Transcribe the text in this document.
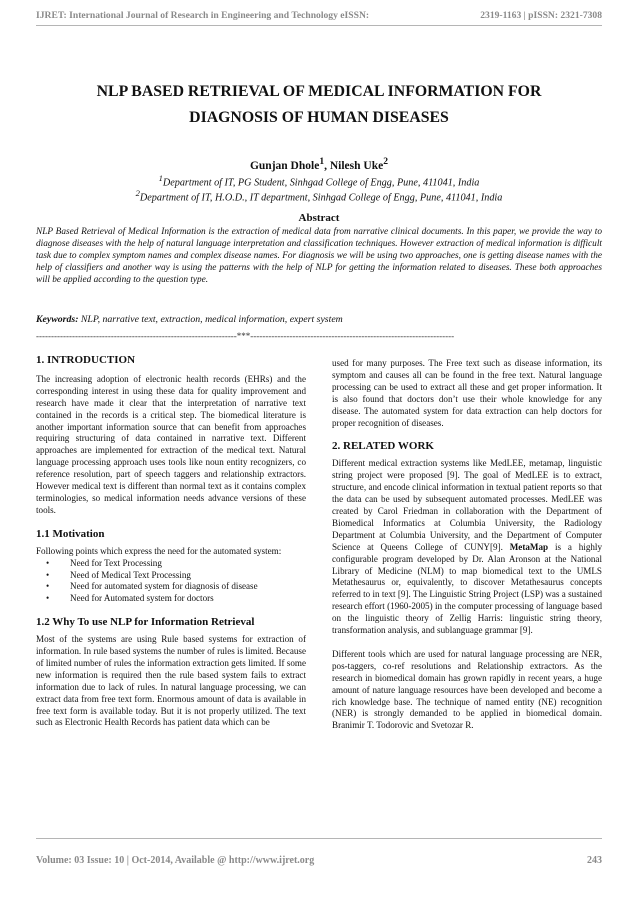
IJRET: International Journal of Research in Engineering and Technology eISSN:	2319-1163 | pISSN: 2321-7308
NLP BASED RETRIEVAL OF MEDICAL INFORMATION FOR
DIAGNOSIS OF HUMAN DISEASES
Gunjan Dhole$^1$, Nilesh Uke$^2$
$^1$Department of IT, PG Student, Sinhgad College of Engg, Pune, 411041, India
$^2$Department of IT, H.O.D., IT department, Sinhgad College of Engg, Pune, 411041, India
Abstract
NLP Based Retrieval of Medical Information is the extraction of medical data from narrative clinical documents. In this paper, we provide the way to diagnose diseases with the help of natural language interpretation and classification techniques. However extraction of medical information is difficult task due to complex symptom names and complex disease names. For diagnosis we will be using two approaches, one is getting disease names with the help of classifiers and another way is using the patterns with the help of NLP for getting the information related to diseases. These both approaches will be applied according to the question type.
Keywords: NLP, narrative text, extraction, medical information, expert system
-------------------------------------------------------------------***--------------------------------------------------------------------
1. INTRODUCTION

The increasing adoption of electronic health records (EHRs) and the corresponding interest in using these data for quality improvement and research have made it clear that the interpretation of narrative text contained in the records is a critical step. The biomedical literature is another important information source that can benefit from approaches requiring structuring of data contained in narrative text. Different approaches are implemented for extraction of the medical text. Natural language processing approach uses tools like noun entity recognizers, co reference resolution, part of speech taggers and relationship extractors. However medical text is different than normal text as it contains complex terminologies, so medical information needs advance versions of these tools.

1.1 Motivation

Following points which express the need for the automated system:

• Need for Text Processing
• Need of Medical Text Processing
• Need for automated system for diagnosis of disease
• Need for Automated system for doctors
1.2 Why To use NLP for Information Retrieval

Most of the systems are using Rule based systems for extraction of information. In rule based systems the number of rules is limited. Because of limited number of rules the information extraction gets limited. If some new information is required then the rule based system fails to extract information due to lack of rules. In natural language processing, we can extract data from free text form. Enormous amount of data is available in free text form is available today. But it is not properly utilized. The text such as Electronic Health Records has patient data which can be

used for many purposes. The Free text such as disease information, its symptom and causes all can be found in the free text. Natural language processing can be used to extract all these and get proper information. It is also found that doctors don’t use their whole knowledge for any disease. The automated system for data extraction can help doctors for proper recognition of diseases.

2. RELATED WORK

Different medical extraction systems like MedLEE, metamap, linguistic string project were proposed [9]. The goal of MedLEE is to extract, structure, and encode clinical information in textual patient reports so that the data can be used by subsequent automated processes. MedLEE was created by Carol Friedman in collaboration with the Department of Biomedical Informatics at Columbia University, the Radiology Department at Columbia University, and the Department of Computer Science at Queens College of CUNY[9]. MetaMap is a highly configurable program developed by Dr. Alan Aronson at the National Library of Medicine (NLM) to map biomedical text to the UMLS Metathesaurus or, equivalently, to discover Metathesaurus concepts referred to in text [9]. The Linguistic String Project (LSP) was a sustained research effort (1960-2005) in the computer processing of language based on the linguistic theory of Zellig Harris: linguistic string theory, transformation analysis, and sublanguage grammar [9].

Different tools which are used for natural language processing are NER, pos-taggers, co-ref resolutions and Relationship extractors. As the research in biomedical domain has grown rapidly in recent years, a huge amount of nature language resources have been developed and become a rich knowledge base. The technique of named entity (NE) recognition (NER) is strongly demanded to be applied in biomedical domain. Branimir T. Todorovic and Svetozar R.

Volume: 03 Issue: 10 | Oct-2014, Available @ http://www.ijret.org	243
